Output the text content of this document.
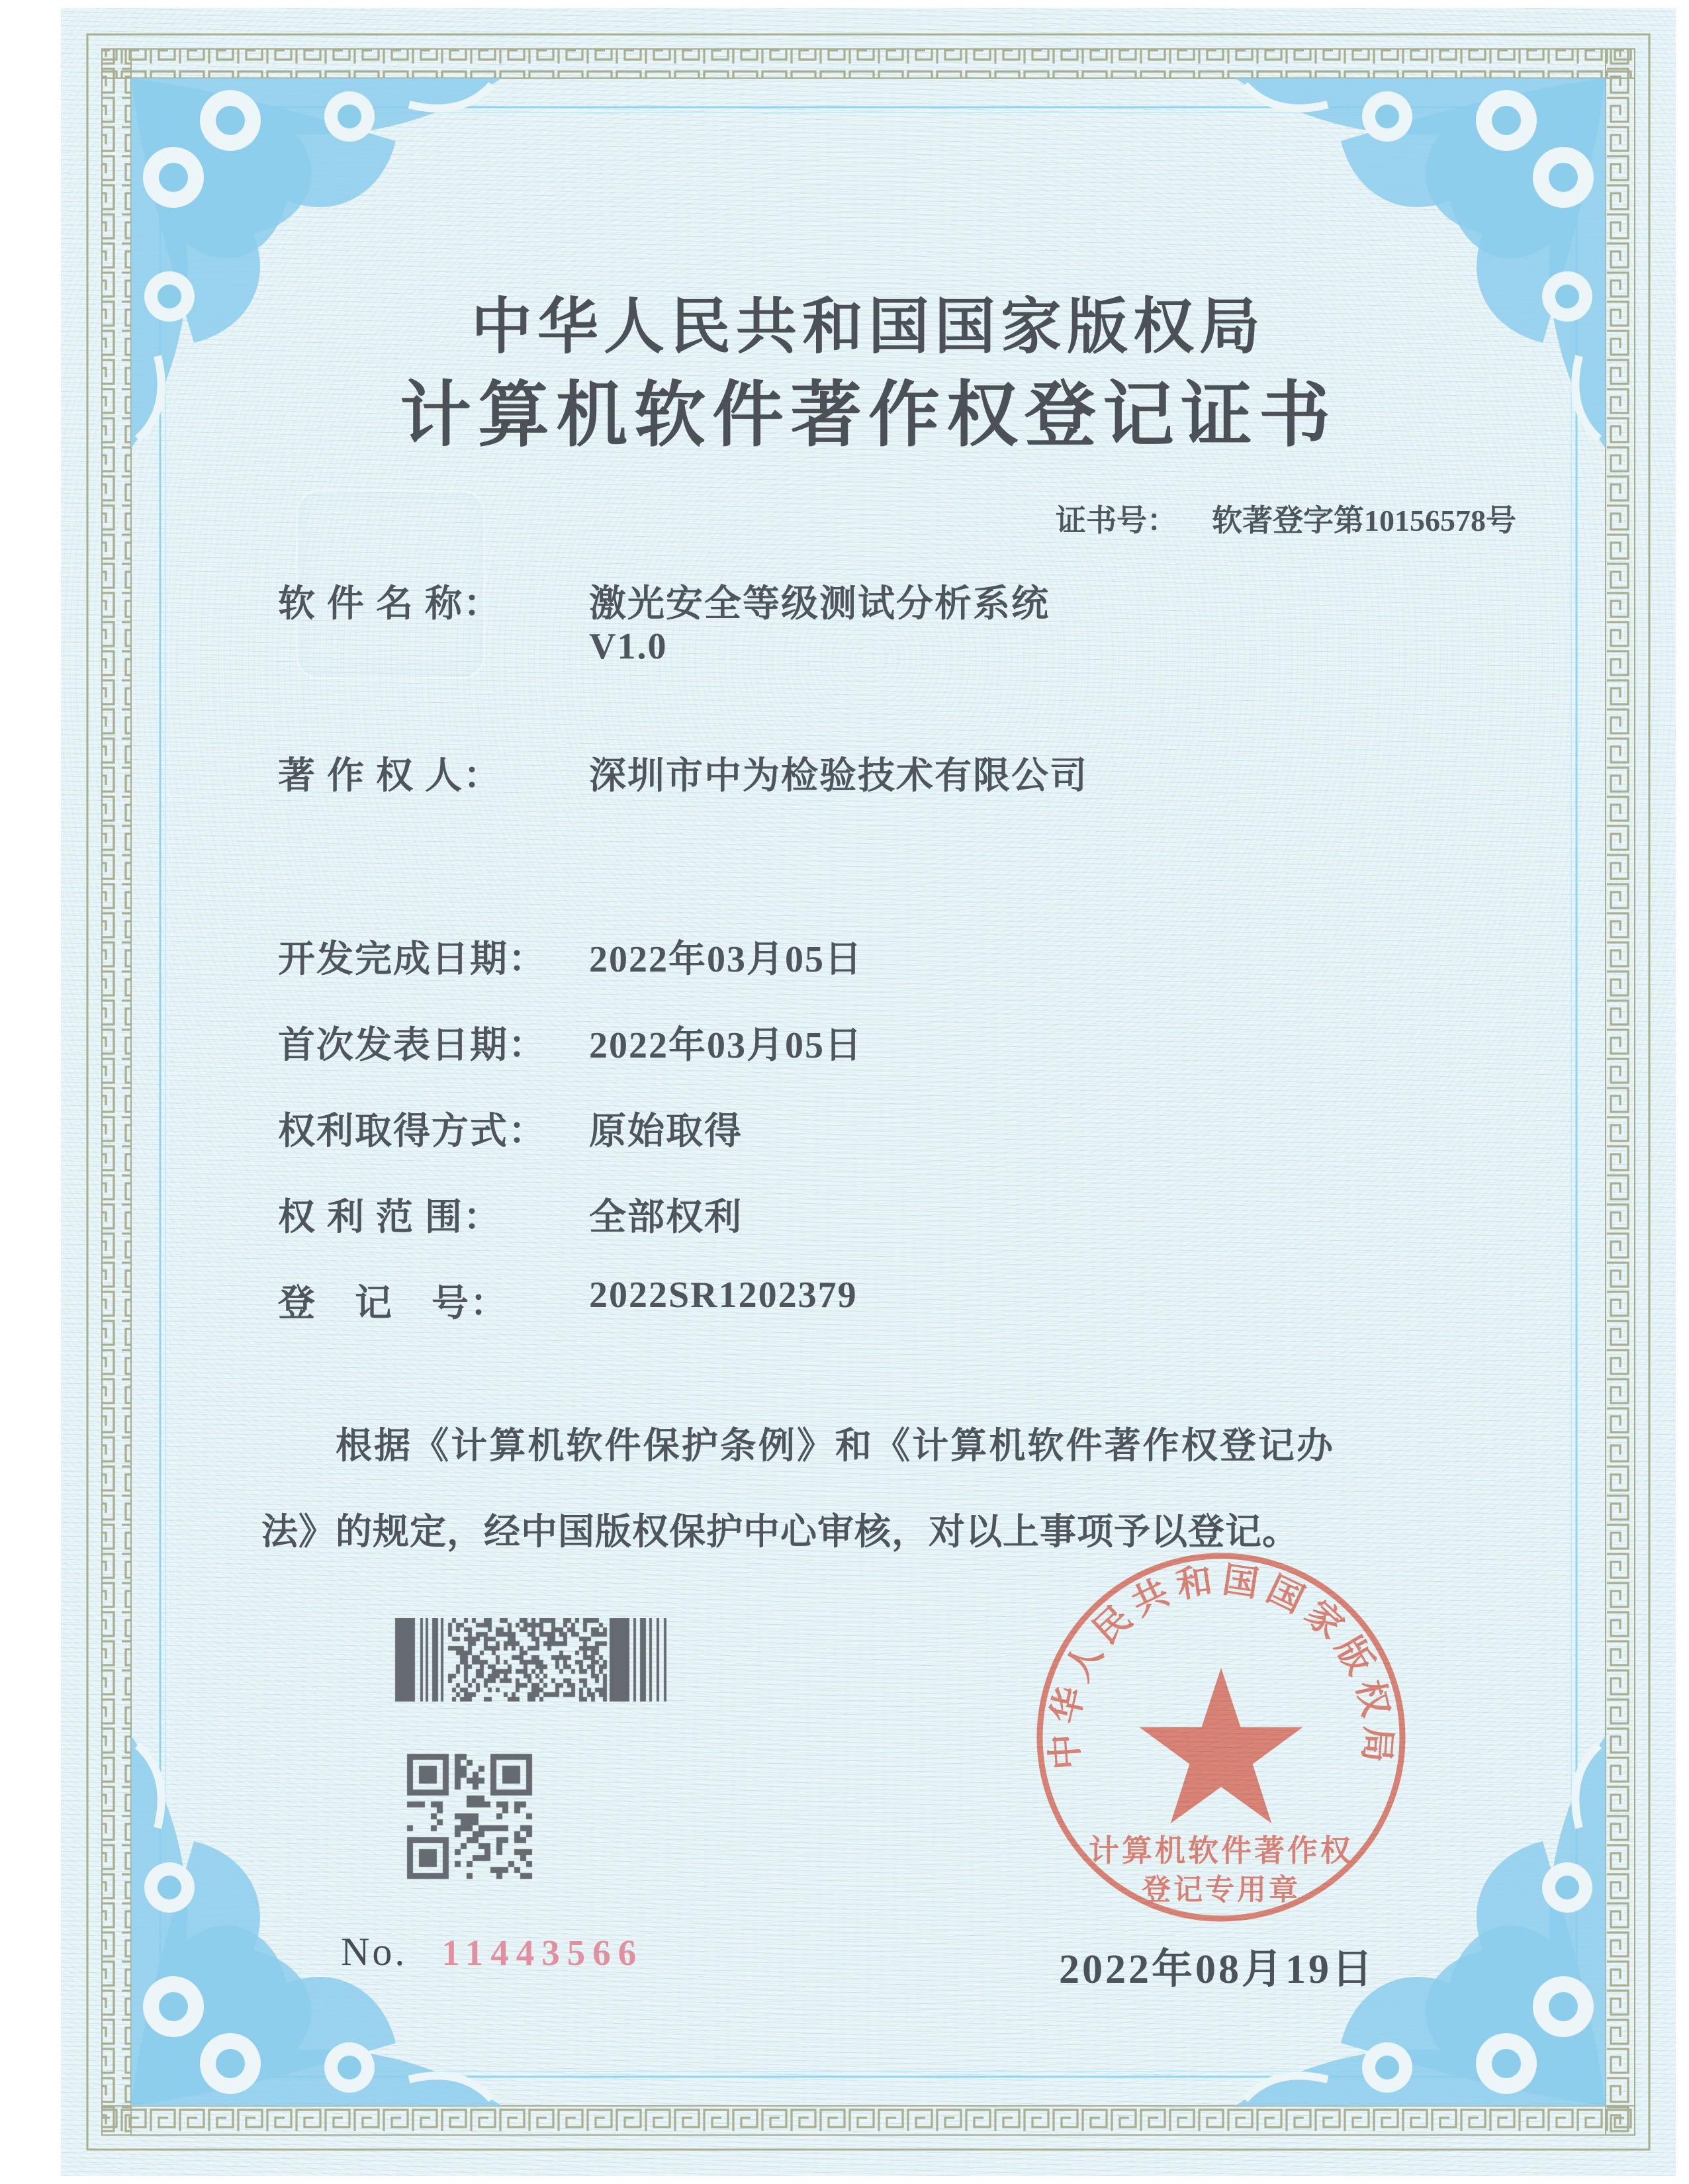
中华人民共和国国家版权局
计算机软件著作权登记证书
证书号： 软著登字第10156578号
软 件 名 称：	激光安全等级测试分析系统
V1.0
著 作 权 人：	深圳市中为检验技术有限公司
开发完成日期：	2022年03月05日
首次发表日期：	2022年03月05日
权利取得方式：	原始取得
权 利 范 围：	全部权利
登　记　号：	2022SR1202379
根据《计算机软件保护条例》和《计算机软件著作权登记办法》的规定，经中国版权保护中心审核，对以上事项予以登记。
No. 11443566	2022年08月19日
中华人民共和国国家版权局
计算机软件著作权
登记专用章
